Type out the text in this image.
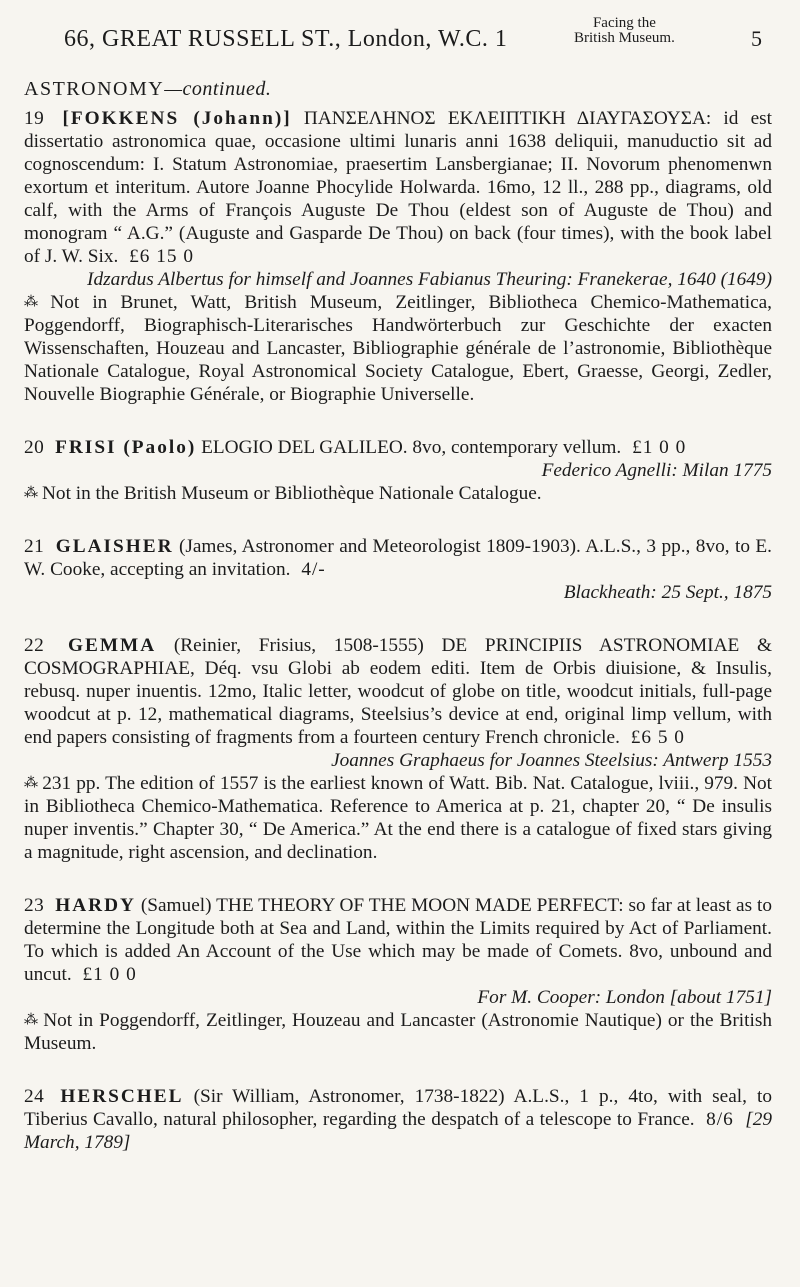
66, GREAT RUSSELL ST., London, W.C. 1
Facing the
British Museum.	5
ASTRONOMY—continued.

19 [FOKKENS (Johann)] ΠΑΝΣΕΛΗΝΟΣ ΕΚΛΕΙΠΤΙΚΗ ΔΙΑΥΓΑΣΟΥΣΑ: id est dissertatio astronomica quae, occasione ultimi lunaris anni 1638 deliquii, manuductio sit ad cognoscendum: I. Statum Astronomiae, praesertim Lansbergianae; II. Novorum phenomenwn exortum et interitum. Autore Joanne Phocylide Holwarda. 16mo, 12 ll., 288 pp., diagrams, old calf, with the Arms of François Auguste De Thou (eldest son of Auguste de Thou) and monogram “ A.G.” (Auguste and Gasparde De Thou) on back (four times), with the book label of J. W. Six. £6 15 0

Idzardus Albertus for himself and Joannes Fabianus Theuring: Franekerae, 1640 (1649)

⁂ Not in Brunet, Watt, British Museum, Zeitlinger, Bibliotheca Chemico-Mathematica, Poggendorff, Biographisch-Literarisches Handwörterbuch zur Geschichte der exacten Wissenschaften, Houzeau and Lancaster, Bibliographie générale de l’astronomie, Bibliothèque Nationale Catalogue, Royal Astronomical Society Catalogue, Ebert, Graesse, Georgi, Zedler, Nouvelle Biographie Générale, or Biographie Universelle.

20 FRISI (Paolo) ELOGIO DEL GALILEO. 8vo, contemporary vellum. £1 0 0

Federico Agnelli: Milan 1775

⁂ Not in the British Museum or Bibliothèque Nationale Catalogue.

21 GLAISHER (James, Astronomer and Meteorologist 1809-1903). A.L.S., 3 pp., 8vo, to E. W. Cooke, accepting an invitation. 4/-

Blackheath: 25 Sept., 1875

22 GEMMA (Reinier, Frisius, 1508-1555) DE PRINCIPIIS ASTRONOMIAE & COSMOGRAPHIAE, Déq. vsu Globi ab eodem editi. Item de Orbis diuisione, & Insulis, rebusq. nuper inuentis. 12mo, Italic letter, woodcut of globe on title, woodcut initials, full-page woodcut at p. 12, mathematical diagrams, Steelsius’s device at end, original limp vellum, with end papers consisting of fragments from a fourteen century French chronicle. £6 5 0

Joannes Graphaeus for Joannes Steelsius: Antwerp 1553

⁂ 231 pp. The edition of 1557 is the earliest known of Watt. Bib. Nat. Catalogue, lviii., 979. Not in Bibliotheca Chemico-Mathematica. Reference to America at p. 21, chapter 20, “ De insulis nuper inventis.” Chapter 30, “ De America.” At the end there is a catalogue of fixed stars giving a magnitude, right ascension, and declination.

23 HARDY (Samuel) THE THEORY OF THE MOON MADE PERFECT: so far at least as to determine the Longitude both at Sea and Land, within the Limits required by Act of Parliament. To which is added An Account of the Use which may be made of Comets. 8vo, unbound and uncut. £1 0 0

For M. Cooper: London [about 1751]

⁂ Not in Poggendorff, Zeitlinger, Houzeau and Lancaster (Astronomie Nautique) or the British Museum.

24 HERSCHEL (Sir William, Astronomer, 1738-1822) A.L.S., 1 p., 4to, with seal, to Tiberius Cavallo, natural philosopher, regarding the despatch of a telescope to France. 8/6 [29 March, 1789]
